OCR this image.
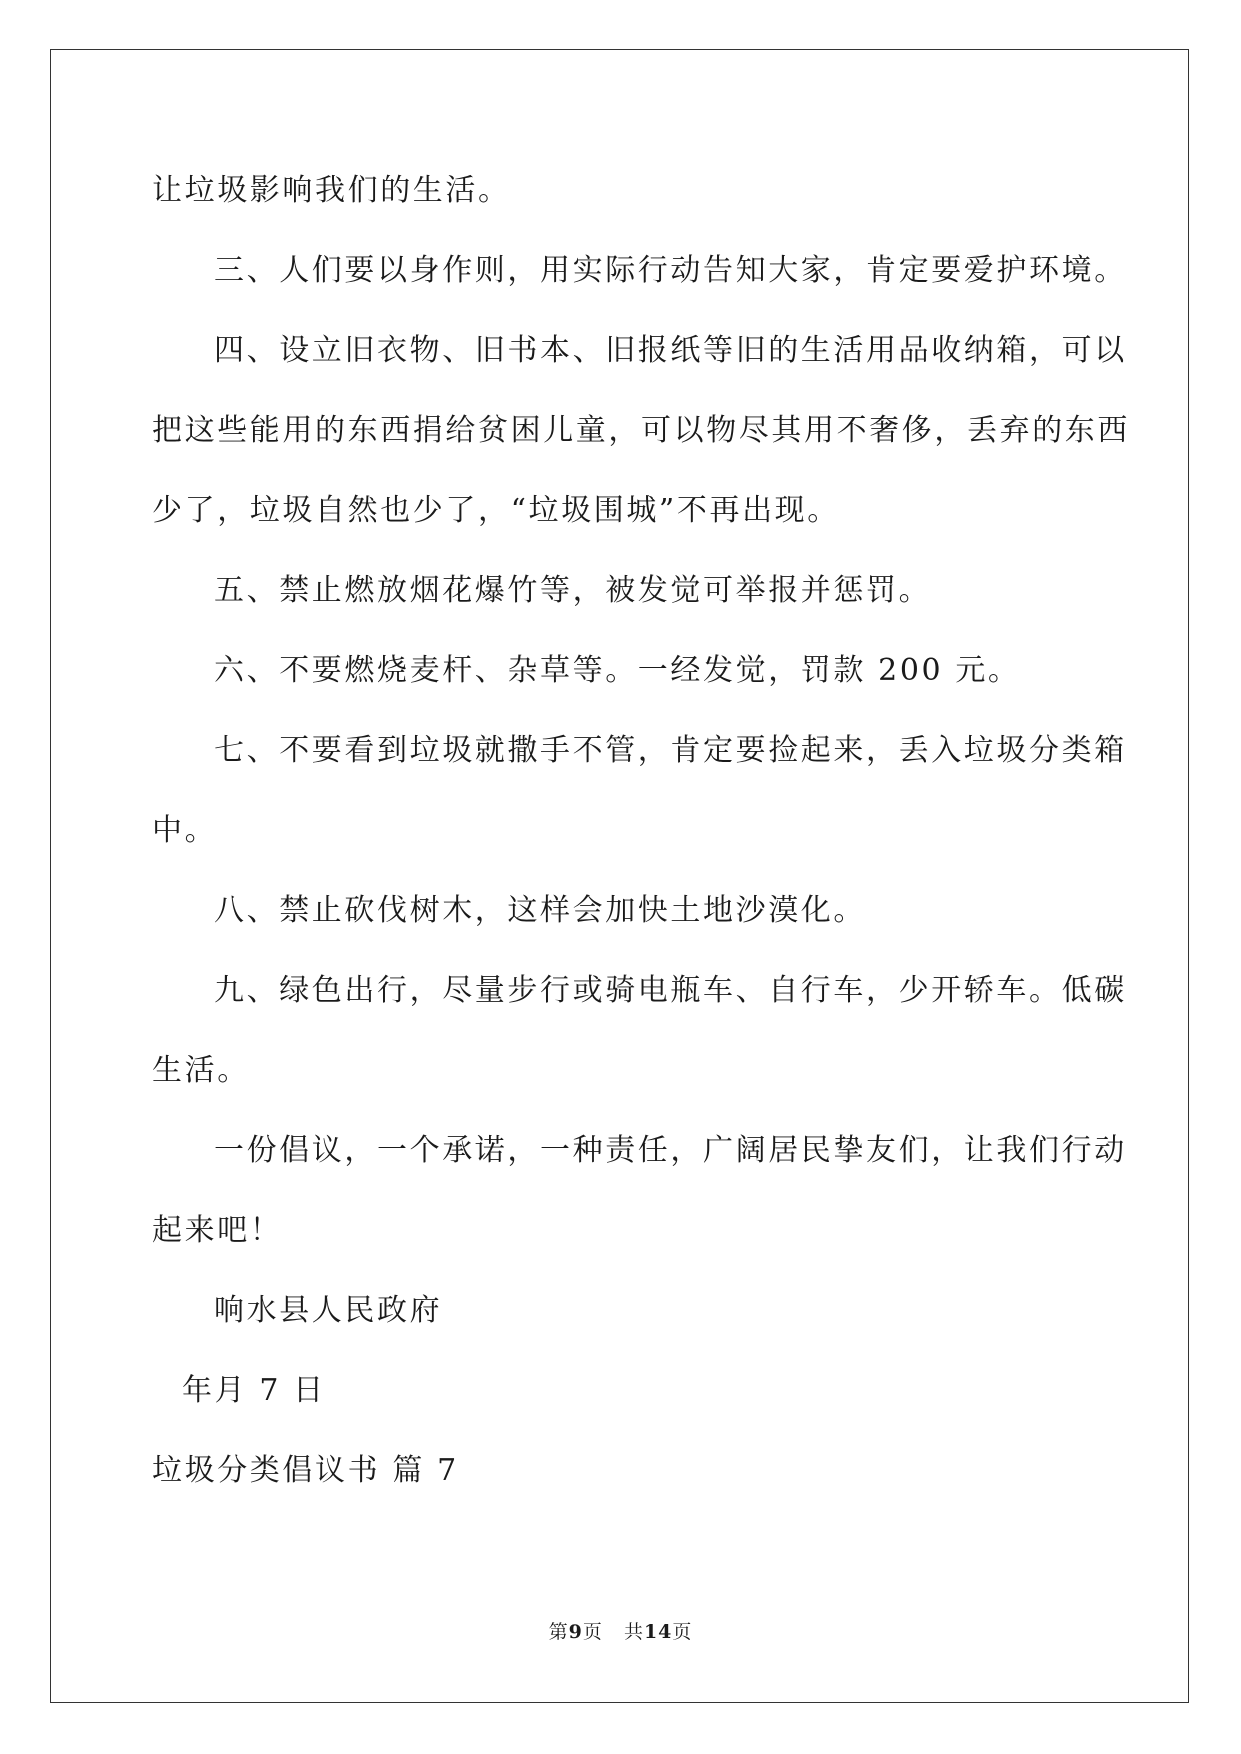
让垃圾影响我们的生活。

三、人们要以身作则，用实际行动告知大家，肯定要爱护环境。

四、设立旧衣物、旧书本、旧报纸等旧的生活用品收纳箱，可以

把这些能用的东西捐给贫困儿童，可以物尽其用不奢侈，丢弃的东西

少了，垃圾自然也少了，“垃圾围城”不再出现。

五、禁止燃放烟花爆竹等，被发觉可举报并惩罚。

六、不要燃烧麦杆、杂草等。一经发觉，罚款 200 元。

七、不要看到垃圾就撒手不管，肯定要捡起来，丢入垃圾分类箱

中。

八、禁止砍伐树木，这样会加快土地沙漠化。

九、绿色出行，尽量步行或骑电瓶车、自行车，少开轿车。低碳

生活。

一份倡议，一个承诺，一种责任，广阔居民挚友们，让我们行动

起来吧！

响水县人民政府

年月 7 日

垃圾分类倡议书 篇 7

第9页   共14页
